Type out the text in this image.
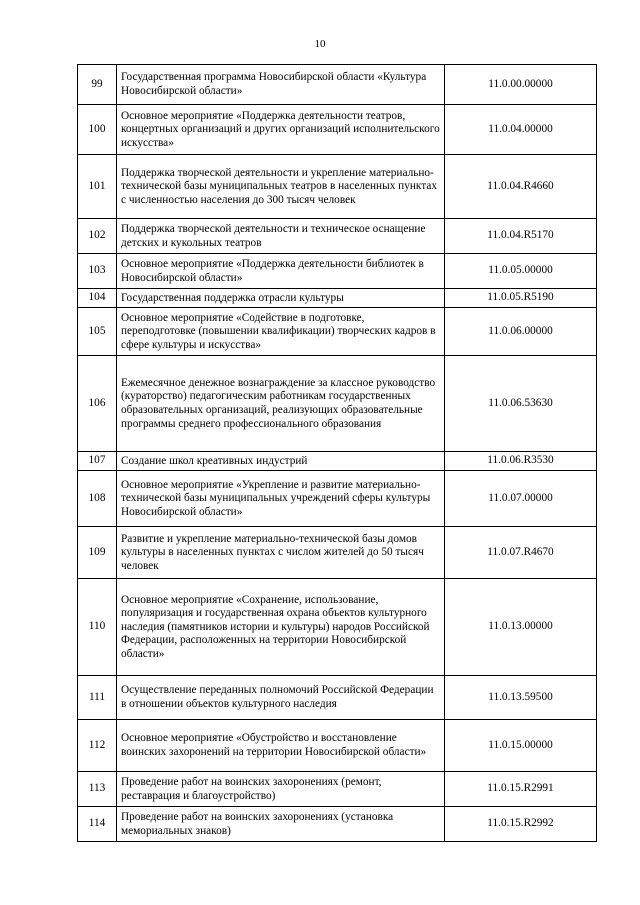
10
99	Государственная программа Новосибирской области «Культура Новосибирской области»	11.0.00.00000
100	Основное мероприятие «Поддержка деятельности театров, концертных организаций и других организаций исполнительского искусства»	11.0.04.00000
101	Поддержка творческой деятельности и укрепление материально-технической базы муниципальных театров в населенных пунктах с численностью населения до 300 тысяч человек	11.0.04.R4660
102	Поддержка творческой деятельности и техническое оснащение детских и кукольных театров	11.0.04.R5170
103	Основное мероприятие «Поддержка деятельности библиотек в Новосибирской области»	11.0.05.00000
104	Государственная поддержка отрасли культуры	11.0.05.R5190
105	Основное мероприятие «Содействие в подготовке, переподготовке (повышении квалификации) творческих кадров в сфере культуры и искусства»	11.0.06.00000
106	Ежемесячное денежное вознаграждение за классное руководство (кураторство) педагогическим работникам государственных образовательных организаций, реализующих образовательные программы среднего профессионального образования	11.0.06.53630
107	Создание школ креативных индустрий	11.0.06.R3530
108	Основное мероприятие «Укрепление и развитие материально-технической базы муниципальных учреждений сферы культуры Новосибирской области»	11.0.07.00000
109	Развитие и укрепление материально-технической базы домов культуры в населенных пунктах с числом жителей до 50 тысяч человек	11.0.07.R4670
110	Основное мероприятие «Сохранение, использование, популяризация и государственная охрана объектов культурного наследия (памятников истории и культуры) народов Российской Федерации, расположенных на территории Новосибирской области»	11.0.13.00000
111	Осуществление переданных полномочий Российской Федерации в отношении объектов культурного наследия	11.0.13.59500
112	Основное мероприятие «Обустройство и восстановление воинских захоронений на территории Новосибирской области»	11.0.15.00000
113	Проведение работ на воинских захоронениях (ремонт, реставрация и благоустройство)	11.0.15.R2991
114	Проведение работ на воинских захоронениях (установка мемориальных знаков)	11.0.15.R2992
